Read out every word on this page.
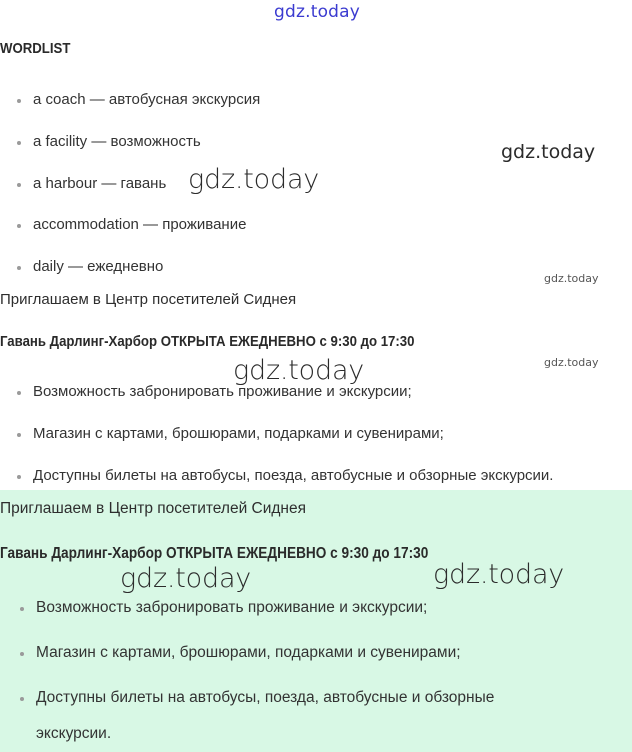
gdz.today
WORDLIST
a coach — автобусная экскурсия
a facility — возможность
a harbour — гавань
accommodation — проживание
daily — ежедневно
Приглашаем в Центр посетителей Сиднея
Гавань Дарлинг-Харбор ОТКРЫТА ЕЖЕДНЕВНО с 9:30 до 17:30
Возможность забронировать проживание и экскурсии;
Магазин с картами, брошюрами, подарками и сувенирами;
Доступны билеты на автобусы, поезда, автобусные и обзорные экскурсии.
Приглашаем в Центр посетителей Сиднея
Гавань Дарлинг-Харбор ОТКРЫТА ЕЖЕДНЕВНО с 9:30 до 17:30
Возможность забронировать проживание и экскурсии;
Магазин с картами, брошюрами, подарками и сувенирами;
Доступны билеты на автобусы, поезда, автобусные и обзорные
экскурсии.
gdz.today
gdz.today
gdz.today
gdz.today
gdz.today
gdz.today	gdz.today
